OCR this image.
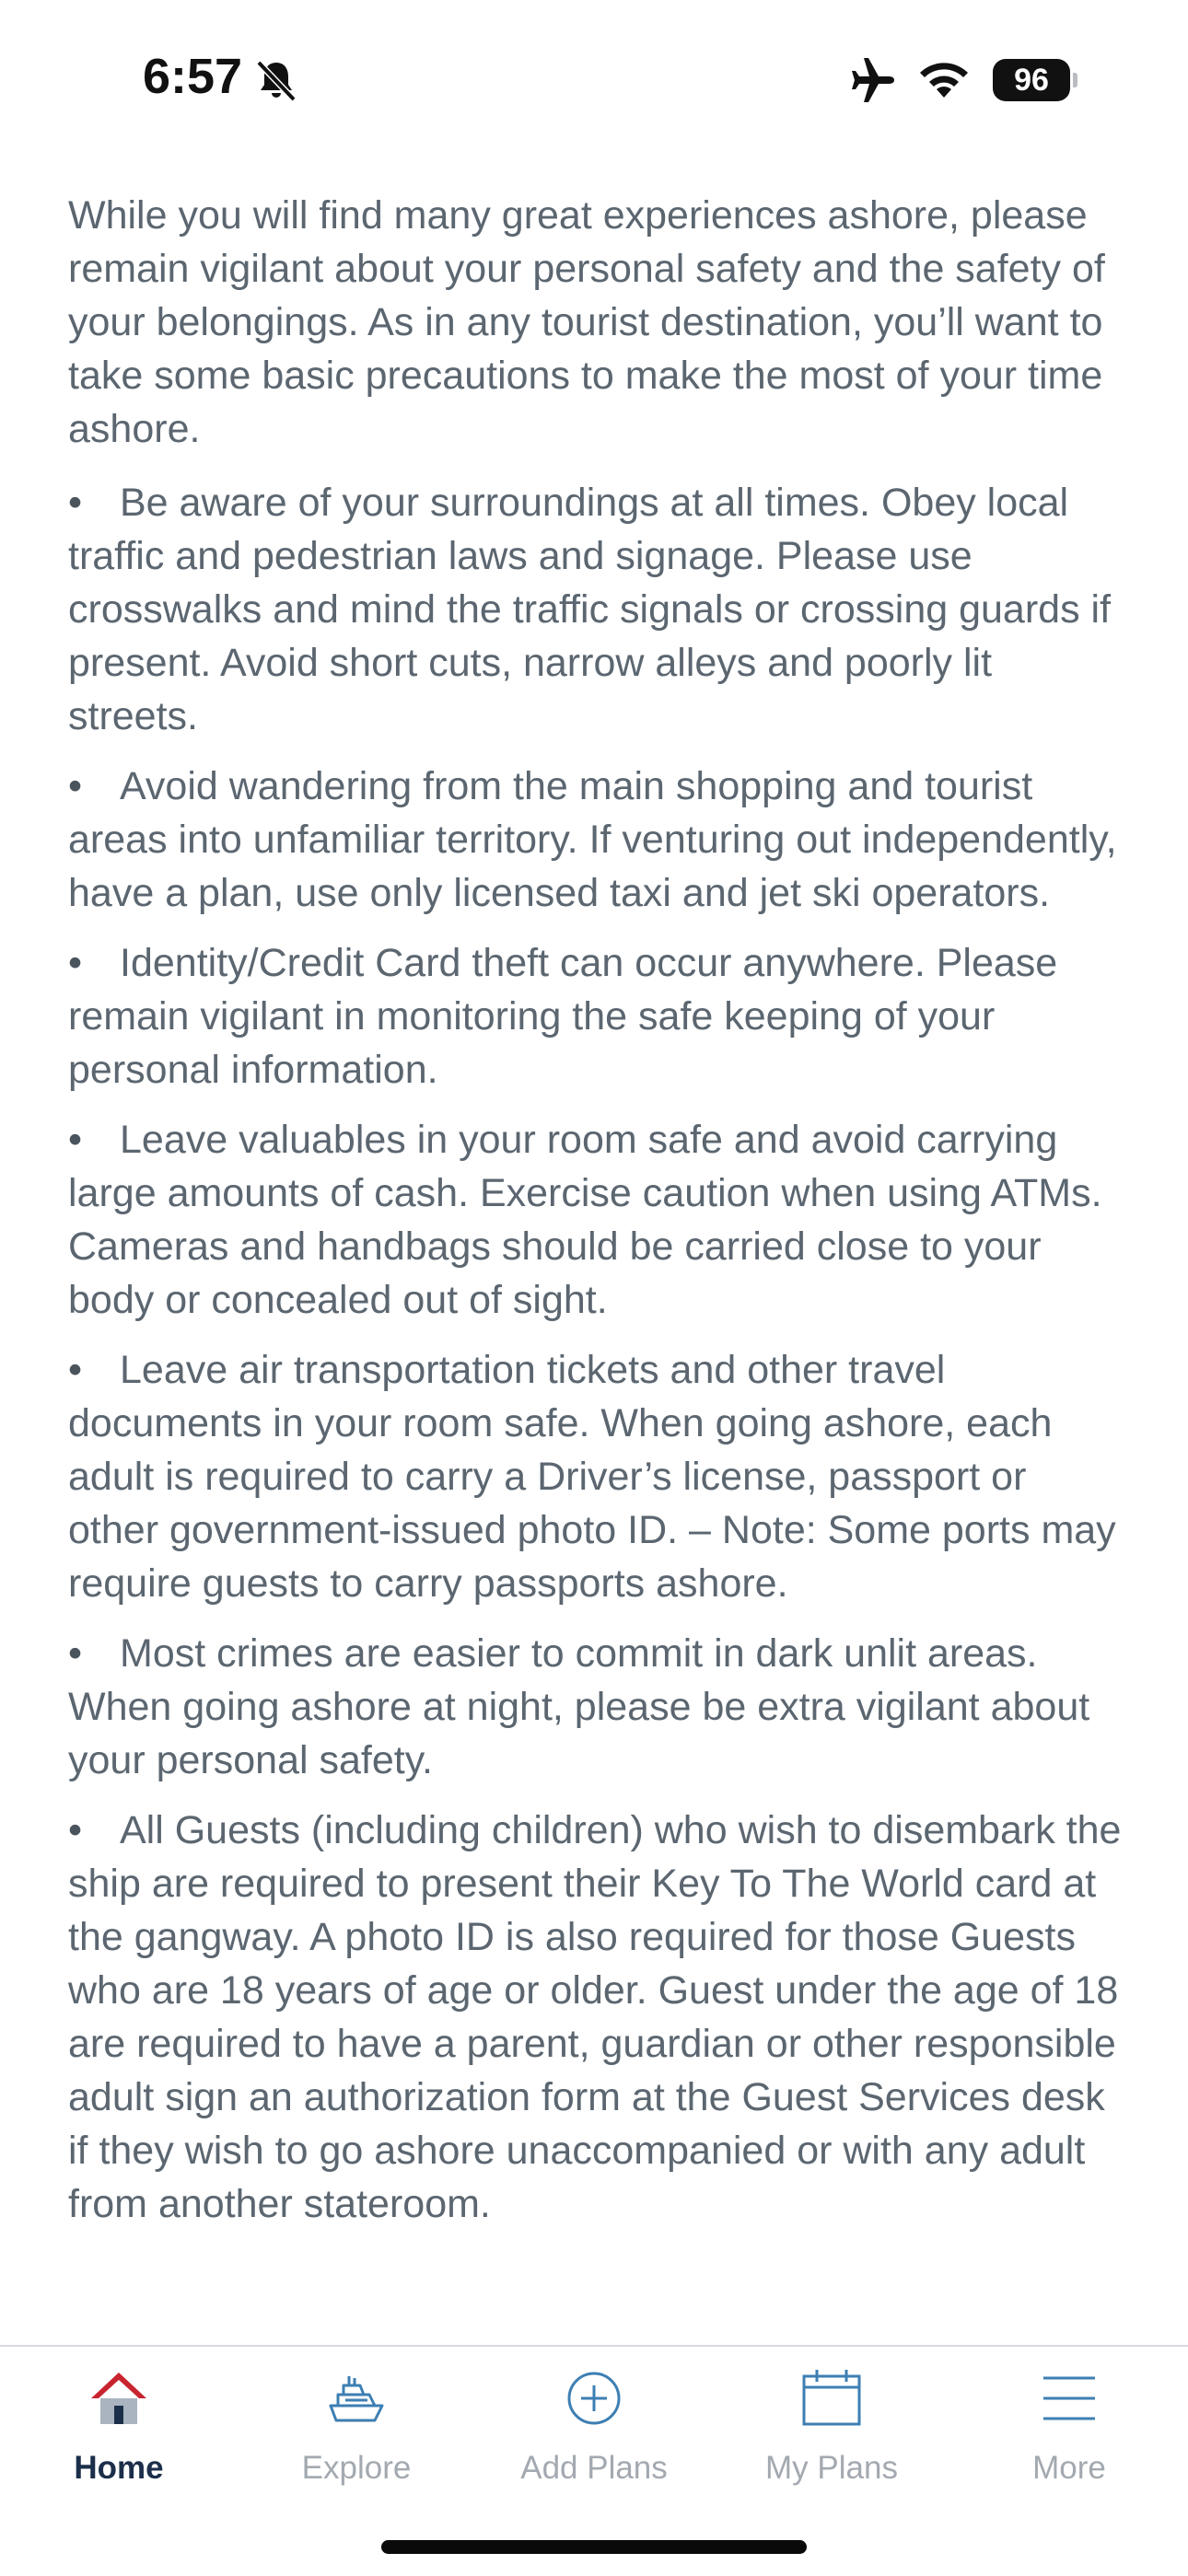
6:57	96

While you will find many great experiences ashore, please remain vigilant about your personal safety and the safety of your belongings. As in any tourist destination, you’ll want to take some basic precautions to make the most of your time ashore.

• Be aware of your surroundings at all times. Obey local traffic and pedestrian laws and signage. Please use crosswalks and mind the traffic signals or crossing guards if present. Avoid short cuts, narrow alleys and poorly lit streets.

• Avoid wandering from the main shopping and tourist areas into unfamiliar territory. If venturing out independently, have a plan, use only licensed taxi and jet ski operators.

• Identity/Credit Card theft can occur anywhere. Please remain vigilant in monitoring the safe keeping of your personal information.

• Leave valuables in your room safe and avoid carrying large amounts of cash. Exercise caution when using ATMs. Cameras and handbags should be carried close to your body or concealed out of sight.

• Leave air transportation tickets and other travel documents in your room safe. When going ashore, each adult is required to carry a Driver’s license, passport or other government-issued photo ID. – Note: Some ports may require guests to carry passports ashore.

• Most crimes are easier to commit in dark unlit areas. When going ashore at night, please be extra vigilant about your personal safety.

• All Guests (including children) who wish to disembark the ship are required to present their Key To The World card at the gangway. A photo ID is also required for those Guests who are 18 years of age or older. Guest under the age of 18 are required to have a parent, guardian or other responsible adult sign an authorization form at the Guest Services desk if they wish to go ashore unaccompanied or with any adult from another stateroom.

Home	Explore	Add Plans	My Plans	More
